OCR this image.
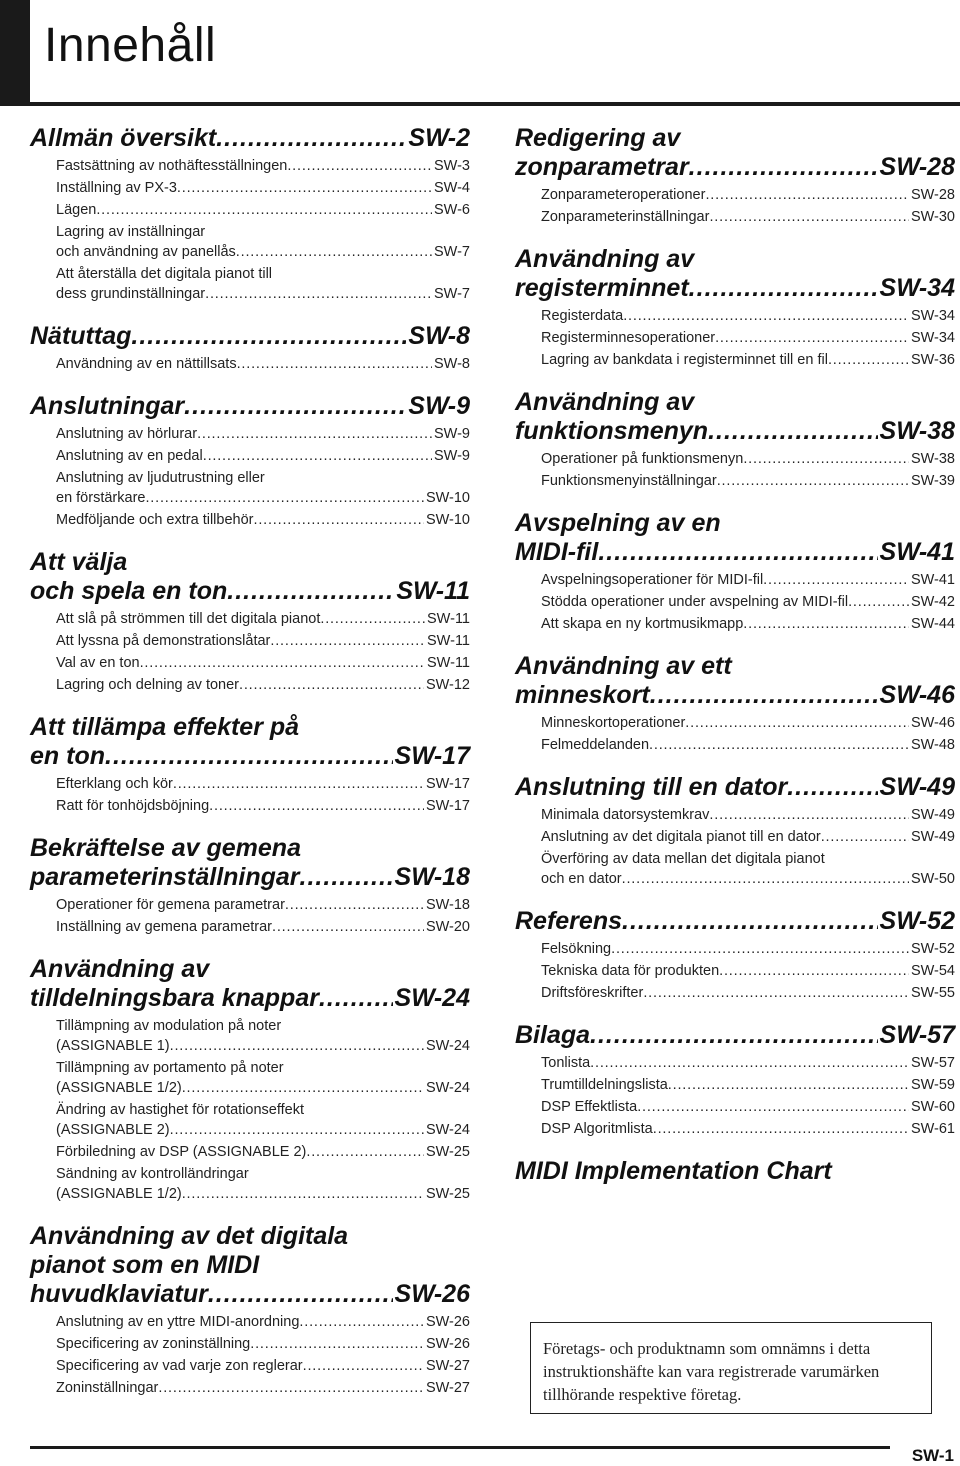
Innehåll
Allmän översikt .....	SW-2
Fastsättning av nothäftesställningen .....	SW-3
Inställning av PX-3 .....	SW-4
Lägen .....	SW-6
Lagring av inställningar
och användning av panellås .....	SW-7
Att återställa det digitala pianot till
dess grundinställningar .....	SW-7
Nätuttag .....	SW-8
Användning av en nättillsats .....	SW-8
Anslutningar .....	SW-9
Anslutning av hörlurar .....	SW-9
Anslutning av en pedal .....	SW-9
Anslutning av ljudutrustning eller
en förstärkare .....	SW-10
Medföljande och extra tillbehör .....	SW-10
Att välja
och spela en ton .....	SW-11
Att slå på strömmen till det digitala pianot .....	SW-11
Att lyssna på demonstrationslåtar .....	SW-11
Val av en ton .....	SW-11
Lagring och delning av toner .....	SW-12
Att tillämpa effekter på
en ton .....	SW-17
Efterklang och kör .....	SW-17
Ratt för tonhöjdsböjning .....	SW-17
Bekräftelse av gemena
parameterinställningar .....	SW-18
Operationer för gemena parametrar .....	SW-18
Inställning av gemena parametrar .....	SW-20
Användning av
tilldelningsbara knappar .....	SW-24
Tillämpning av modulation på noter
(ASSIGNABLE 1) .....	SW-24
Tillämpning av portamento på noter
(ASSIGNABLE 1/2) .....	SW-24
Ändring av hastighet för rotationseffekt
(ASSIGNABLE 2) .....	SW-24
Förbiledning av DSP (ASSIGNABLE 2) .....	SW-25
Sändning av kontrolländringar
(ASSIGNABLE 1/2) .....	SW-25
Användning av det digitala
pianot som en MIDI
huvudklaviatur .....	SW-26
Anslutning av en yttre MIDI-anordning .....	SW-26
Specificering av zoninställning .....	SW-26
Specificering av vad varje zon reglerar .....	SW-27
Zoninställningar .....	SW-27
Redigering av
zonparametrar .....	SW-28
Zonparameteroperationer .....	SW-28
Zonparameterinställningar .....	SW-30
Användning av
registerminnet .....	SW-34
Registerdata .....	SW-34
Registerminnesoperationer .....	SW-34
Lagring av bankdata i registerminnet till en fil .....	SW-36
Användning av
funktionsmenyn .....	SW-38
Operationer på funktionsmenyn .....	SW-38
Funktionsmenyinställningar .....	SW-39
Avspelning av en
MIDI-fil .....	SW-41
Avspelningsoperationer för MIDI-fil .....	SW-41
Stödda operationer under avspelning av MIDI-fil .....	SW-42
Att skapa en ny kortmusikmapp .....	SW-44
Användning av ett
minneskort .....	SW-46
Minneskortoperationer .....	SW-46
Felmeddelanden .....	SW-48
Anslutning till en dator .....	SW-49
Minimala datorsystemkrav .....	SW-49
Anslutning av det digitala pianot till en dator .....	SW-49
Överföring av data mellan det digitala pianot
och en dator .....	SW-50
Referens .....	SW-52
Felsökning .....	SW-52
Tekniska data för produkten .....	SW-54
Driftsföreskrifter .....	SW-55
Bilaga .....	SW-57
Tonlista .....	SW-57
Trumtilldelningslista .....	SW-59
DSP Effektlista .....	SW-60
DSP Algoritmlista .....	SW-61
MIDI Implementation Chart
Företags- och produktnamn som omnämns i detta instruktionshäfte kan vara registrerade varumärken tillhörande respektive företag.
SW-1
